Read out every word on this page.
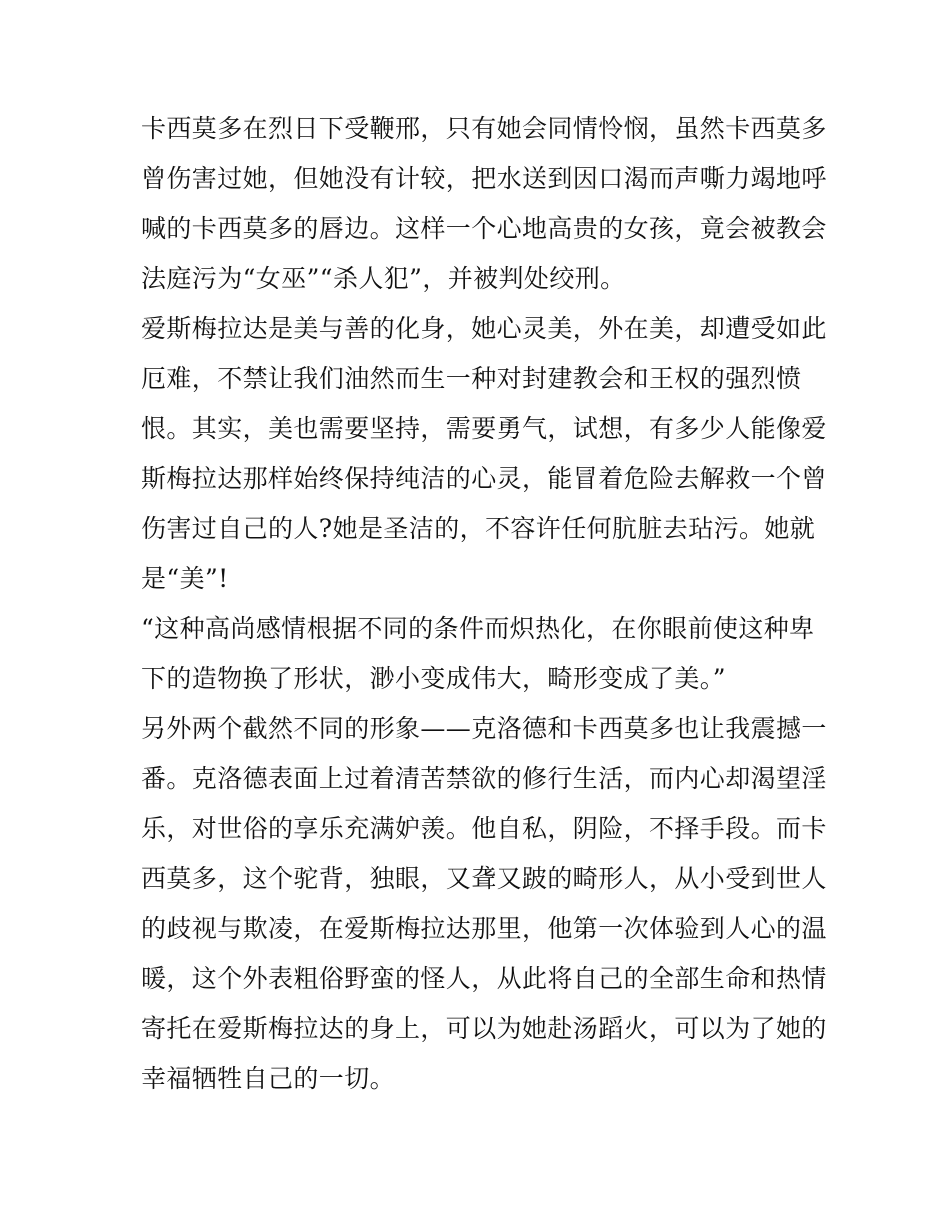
卡西莫多在烈日下受鞭邢，只有她会同情怜悯，虽然卡西莫多
曾伤害过她，但她没有计较，把水送到因口渴而声嘶力竭地呼
喊的卡西莫多的唇边。这样一个心地高贵的女孩，竟会被教会
法庭污为“女巫”“杀人犯”，并被判处绞刑。
爱斯梅拉达是美与善的化身，她心灵美，外在美，却遭受如此
厄难，不禁让我们油然而生一种对封建教会和王权的强烈愤
恨。其实，美也需要坚持，需要勇气，试想，有多少人能像爱
斯梅拉达那样始终保持纯洁的心灵，能冒着危险去解救一个曾
伤害过自己的人?她是圣洁的，不容许任何肮脏去玷污。她就
是“美”!
“这种高尚感情根据不同的条件而炽热化，在你眼前使这种卑
下的造物换了形状，渺小变成伟大，畸形变成了美。”
另外两个截然不同的形象——克洛德和卡西莫多也让我震撼一
番。克洛德表面上过着清苦禁欲的修行生活，而内心却渴望淫
乐，对世俗的享乐充满妒羡。他自私，阴险，不择手段。而卡
西莫多，这个驼背，独眼，又聋又跛的畸形人，从小受到世人
的歧视与欺凌，在爱斯梅拉达那里，他第一次体验到人心的温
暖，这个外表粗俗野蛮的怪人，从此将自己的全部生命和热情
寄托在爱斯梅拉达的身上，可以为她赴汤蹈火，可以为了她的
幸福牺牲自己的一切。
